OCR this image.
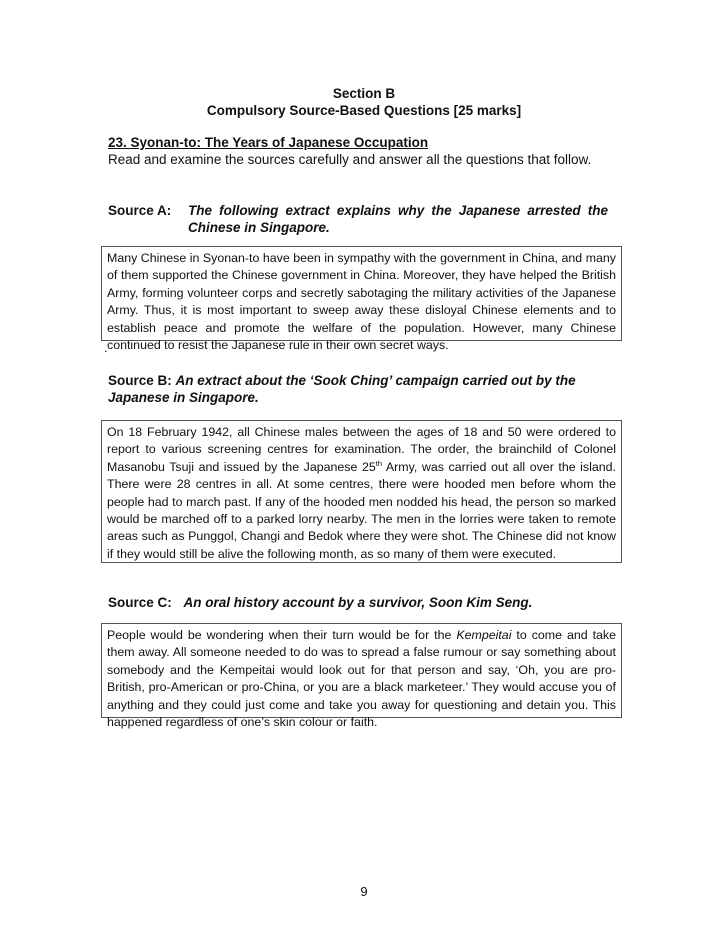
Section B
Compulsory Source-Based Questions [25 marks]
23. Syonan-to: The Years of Japanese Occupation
Read and examine the sources carefully and answer all the questions that follow.
Source A: The following extract explains why the Japanese arrested the Chinese in Singapore.
Many Chinese in Syonan-to have been in sympathy with the government in China, and many of them supported the Chinese government in China. Moreover, they have helped the British Army, forming volunteer corps and secretly sabotaging the military activities of the Japanese Army. Thus, it is most important to sweep away these disloyal Chinese elements and to establish peace and promote the welfare of the population. However, many Chinese continued to resist the Japanese rule in their own secret ways.
.
Source B: An extract about the ‘Sook Ching’ campaign carried out by the Japanese in Singapore.
On 18 February 1942, all Chinese males between the ages of 18 and 50 were ordered to report to various screening centres for examination. The order, the brainchild of Colonel Masanobu Tsuji and issued by the Japanese 25th Army, was carried out all over the island. There were 28 centres in all. At some centres, there were hooded men before whom the people had to march past. If any of the hooded men nodded his head, the person so marked would be marched off to a parked lorry nearby. The men in the lorries were taken to remote areas such as Punggol, Changi and Bedok where they were shot. The Chinese did not know if they would still be alive the following month, as so many of them were executed.
Source C: An oral history account by a survivor, Soon Kim Seng.
People would be wondering when their turn would be for the Kempeitai to come and take them away. All someone needed to do was to spread a false rumour or say something about somebody and the Kempeitai would look out for that person and say, ‘Oh, you are pro-British, pro-American or pro-China, or you are a black marketeer.’ They would accuse you of anything and they could just come and take you away for questioning and detain you. This happened regardless of one’s skin colour or faith.
9
